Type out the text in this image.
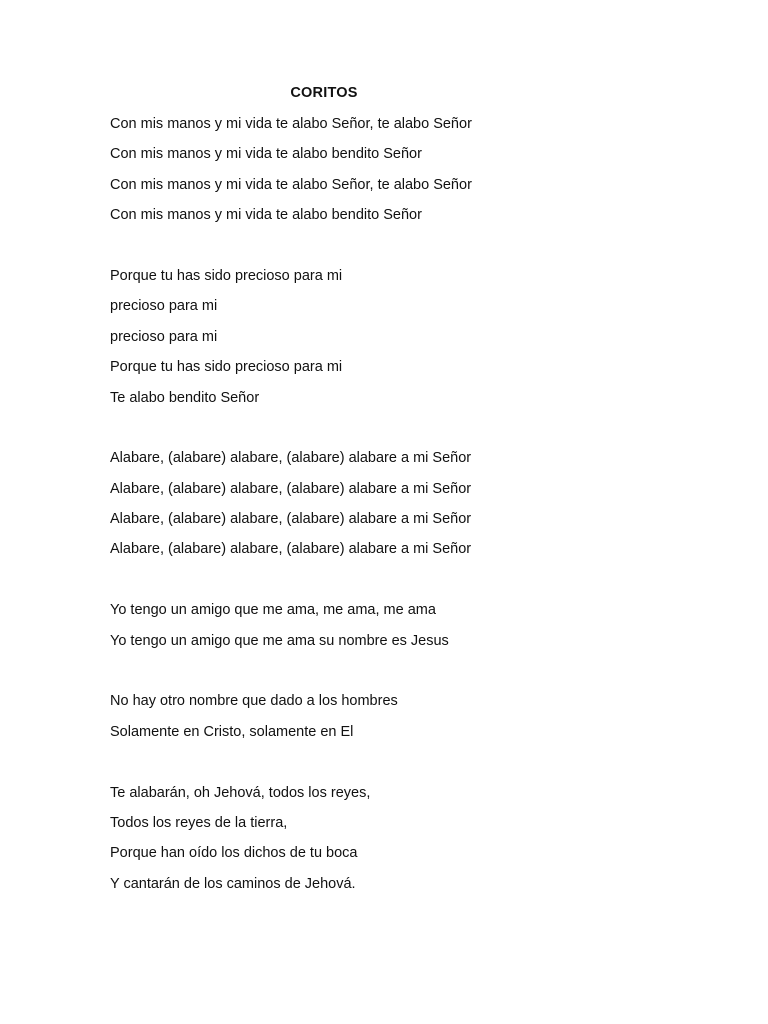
CORITOS
Con mis manos y mi vida te alabo Señor, te alabo Señor
Con mis manos y mi vida te alabo bendito Señor
Con mis manos y mi vida te alabo Señor, te alabo Señor
Con mis manos y mi vida te alabo bendito Señor
Porque tu has sido precioso para mi
precioso para mi
precioso para mi
Porque tu has sido precioso para mi
Te alabo bendito Señor
Alabare, (alabare) alabare, (alabare) alabare a mi Señor
Alabare, (alabare) alabare, (alabare) alabare a mi Señor
Alabare, (alabare) alabare, (alabare) alabare a mi Señor
Alabare, (alabare) alabare, (alabare) alabare a mi Señor
Yo tengo un amigo que me ama, me ama, me ama
Yo tengo un amigo que me ama su nombre es Jesus
No hay otro nombre que dado a los hombres
Solamente en Cristo, solamente en El
Te alabarán, oh Jehová, todos los reyes,
Todos los reyes de la tierra,
Porque han oído los dichos de tu boca
Y cantarán de los caminos de Jehová.
